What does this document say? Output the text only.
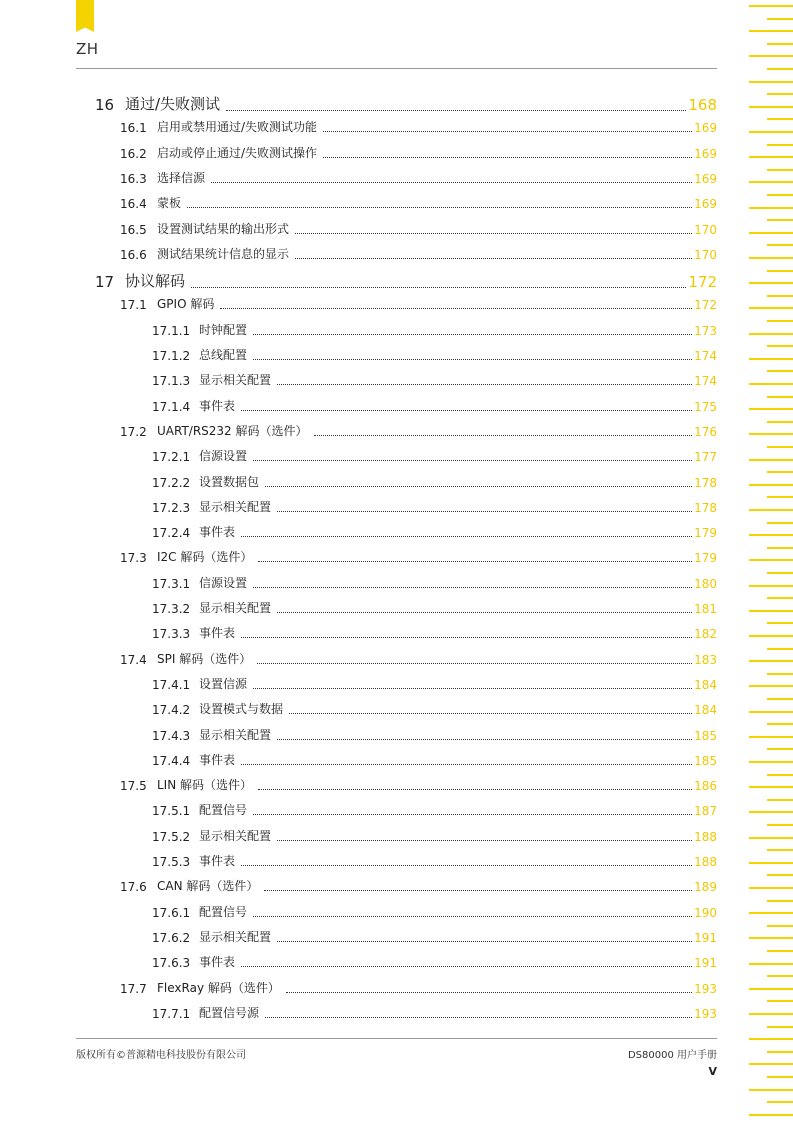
ZH
16 通过/失败测试	168
16.1 启用或禁用通过/失败测试功能	169
16.2 启动或停止通过/失败测试操作	169
16.3 选择信源	169
16.4 蒙板	169
16.5 设置测试结果的输出形式	170
16.6 测试结果统计信息的显示	170
17 协议解码	172
17.1 GPIO 解码	172
17.1.1 时钟配置	173
17.1.2 总线配置	174
17.1.3 显示相关配置	174
17.1.4 事件表	175
17.2 UART/RS232 解码（选件）	176
17.2.1 信源设置	177
17.2.2 设置数据包	178
17.2.3 显示相关配置	178
17.2.4 事件表	179
17.3 I2C 解码（选件）	179
17.3.1 信源设置	180
17.3.2 显示相关配置	181
17.3.3 事件表	182
17.4 SPI 解码（选件）	183
17.4.1 设置信源	184
17.4.2 设置模式与数据	184
17.4.3 显示相关配置	185
17.4.4 事件表	185
17.5 LIN 解码（选件）	186
17.5.1 配置信号	187
17.5.2 显示相关配置	188
17.5.3 事件表	188
17.6 CAN 解码（选件）	189
17.6.1 配置信号	190
17.6.2 显示相关配置	191
17.6.3 事件表	191
17.7 FlexRay 解码（选件）	193
17.7.1 配置信号源	193
版权所有©普源精电科技股份有限公司	DS80000 用户手册
V
